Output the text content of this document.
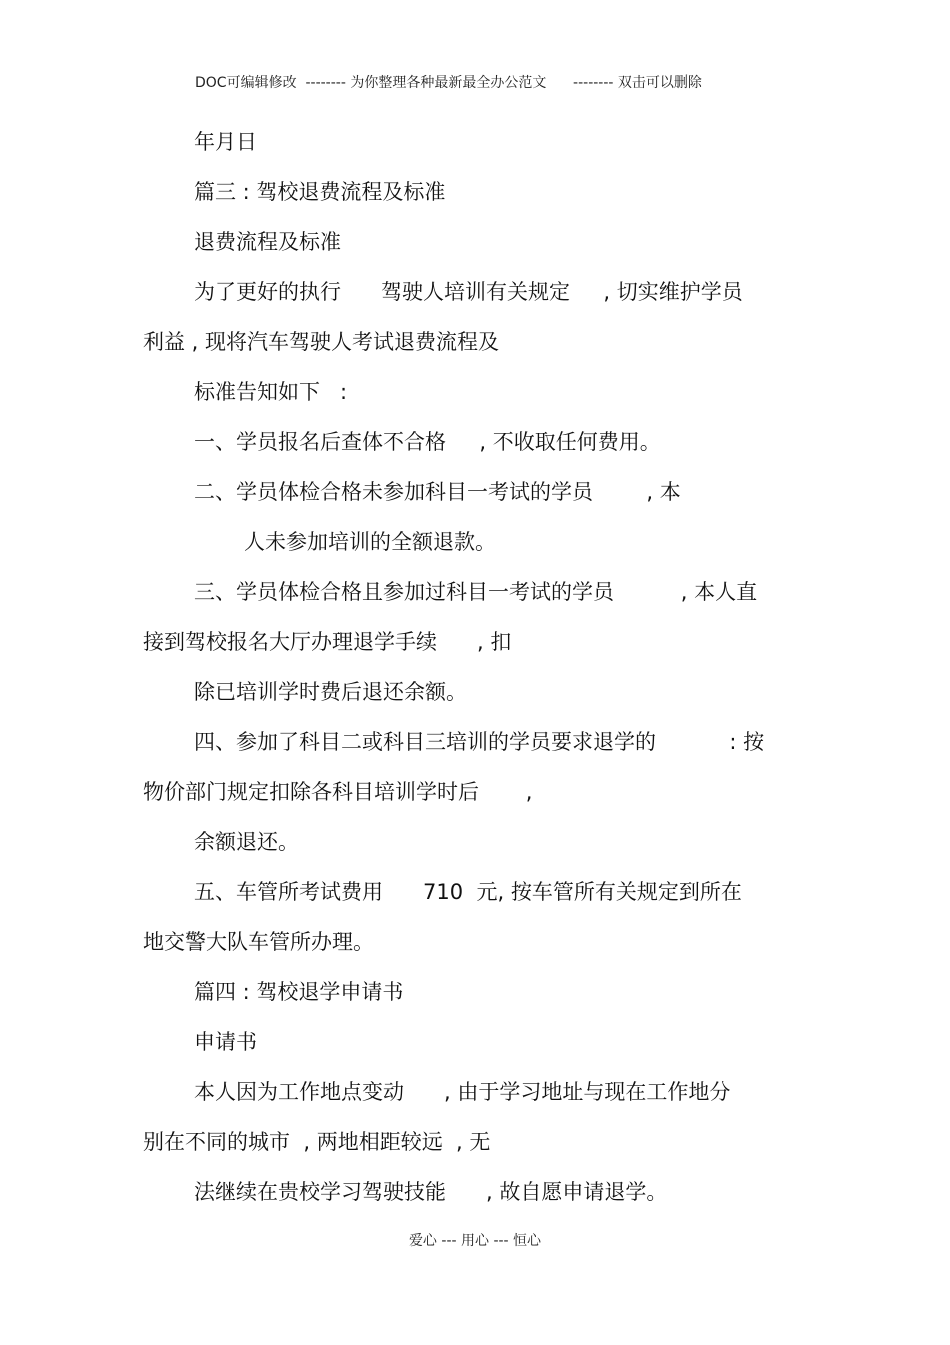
DOC可编辑修改  -------- 为你整理各种最新最全办公范文      -------- 双击可以删除
年月日
篇三 : 驾校退费流程及标准
退费流程及标准
为了更好的执行      驾驶人培训有关规定     , 切实维护学员
利益 , 现将汽车驾驶人考试退费流程及
标准告知如下   :
一、学员报名后查体不合格     , 不收取任何费用。
二、学员体检合格未参加科目一考试的学员        , 本
人未参加培训的全额退款。
三、学员体检合格且参加过科目一考试的学员          , 本人直
接到驾校报名大厅办理退学手续      , 扣
除已培训学时费后退还余额。
四、参加了科目二或科目三培训的学员要求退学的           : 按
物价部门规定扣除各科目培训学时后       ,
余额退还。
五、车管所考试费用      710  元, 按车管所有关规定到所在
地交警大队车管所办理。
篇四 : 驾校退学申请书
申请书
本人因为工作地点变动      , 由于学习地址与现在工作地分
别在不同的城市  , 两地相距较远  , 无
法继续在贵校学习驾驶技能      , 故自愿申请退学。
爱心 --- 用心 --- 恒心
